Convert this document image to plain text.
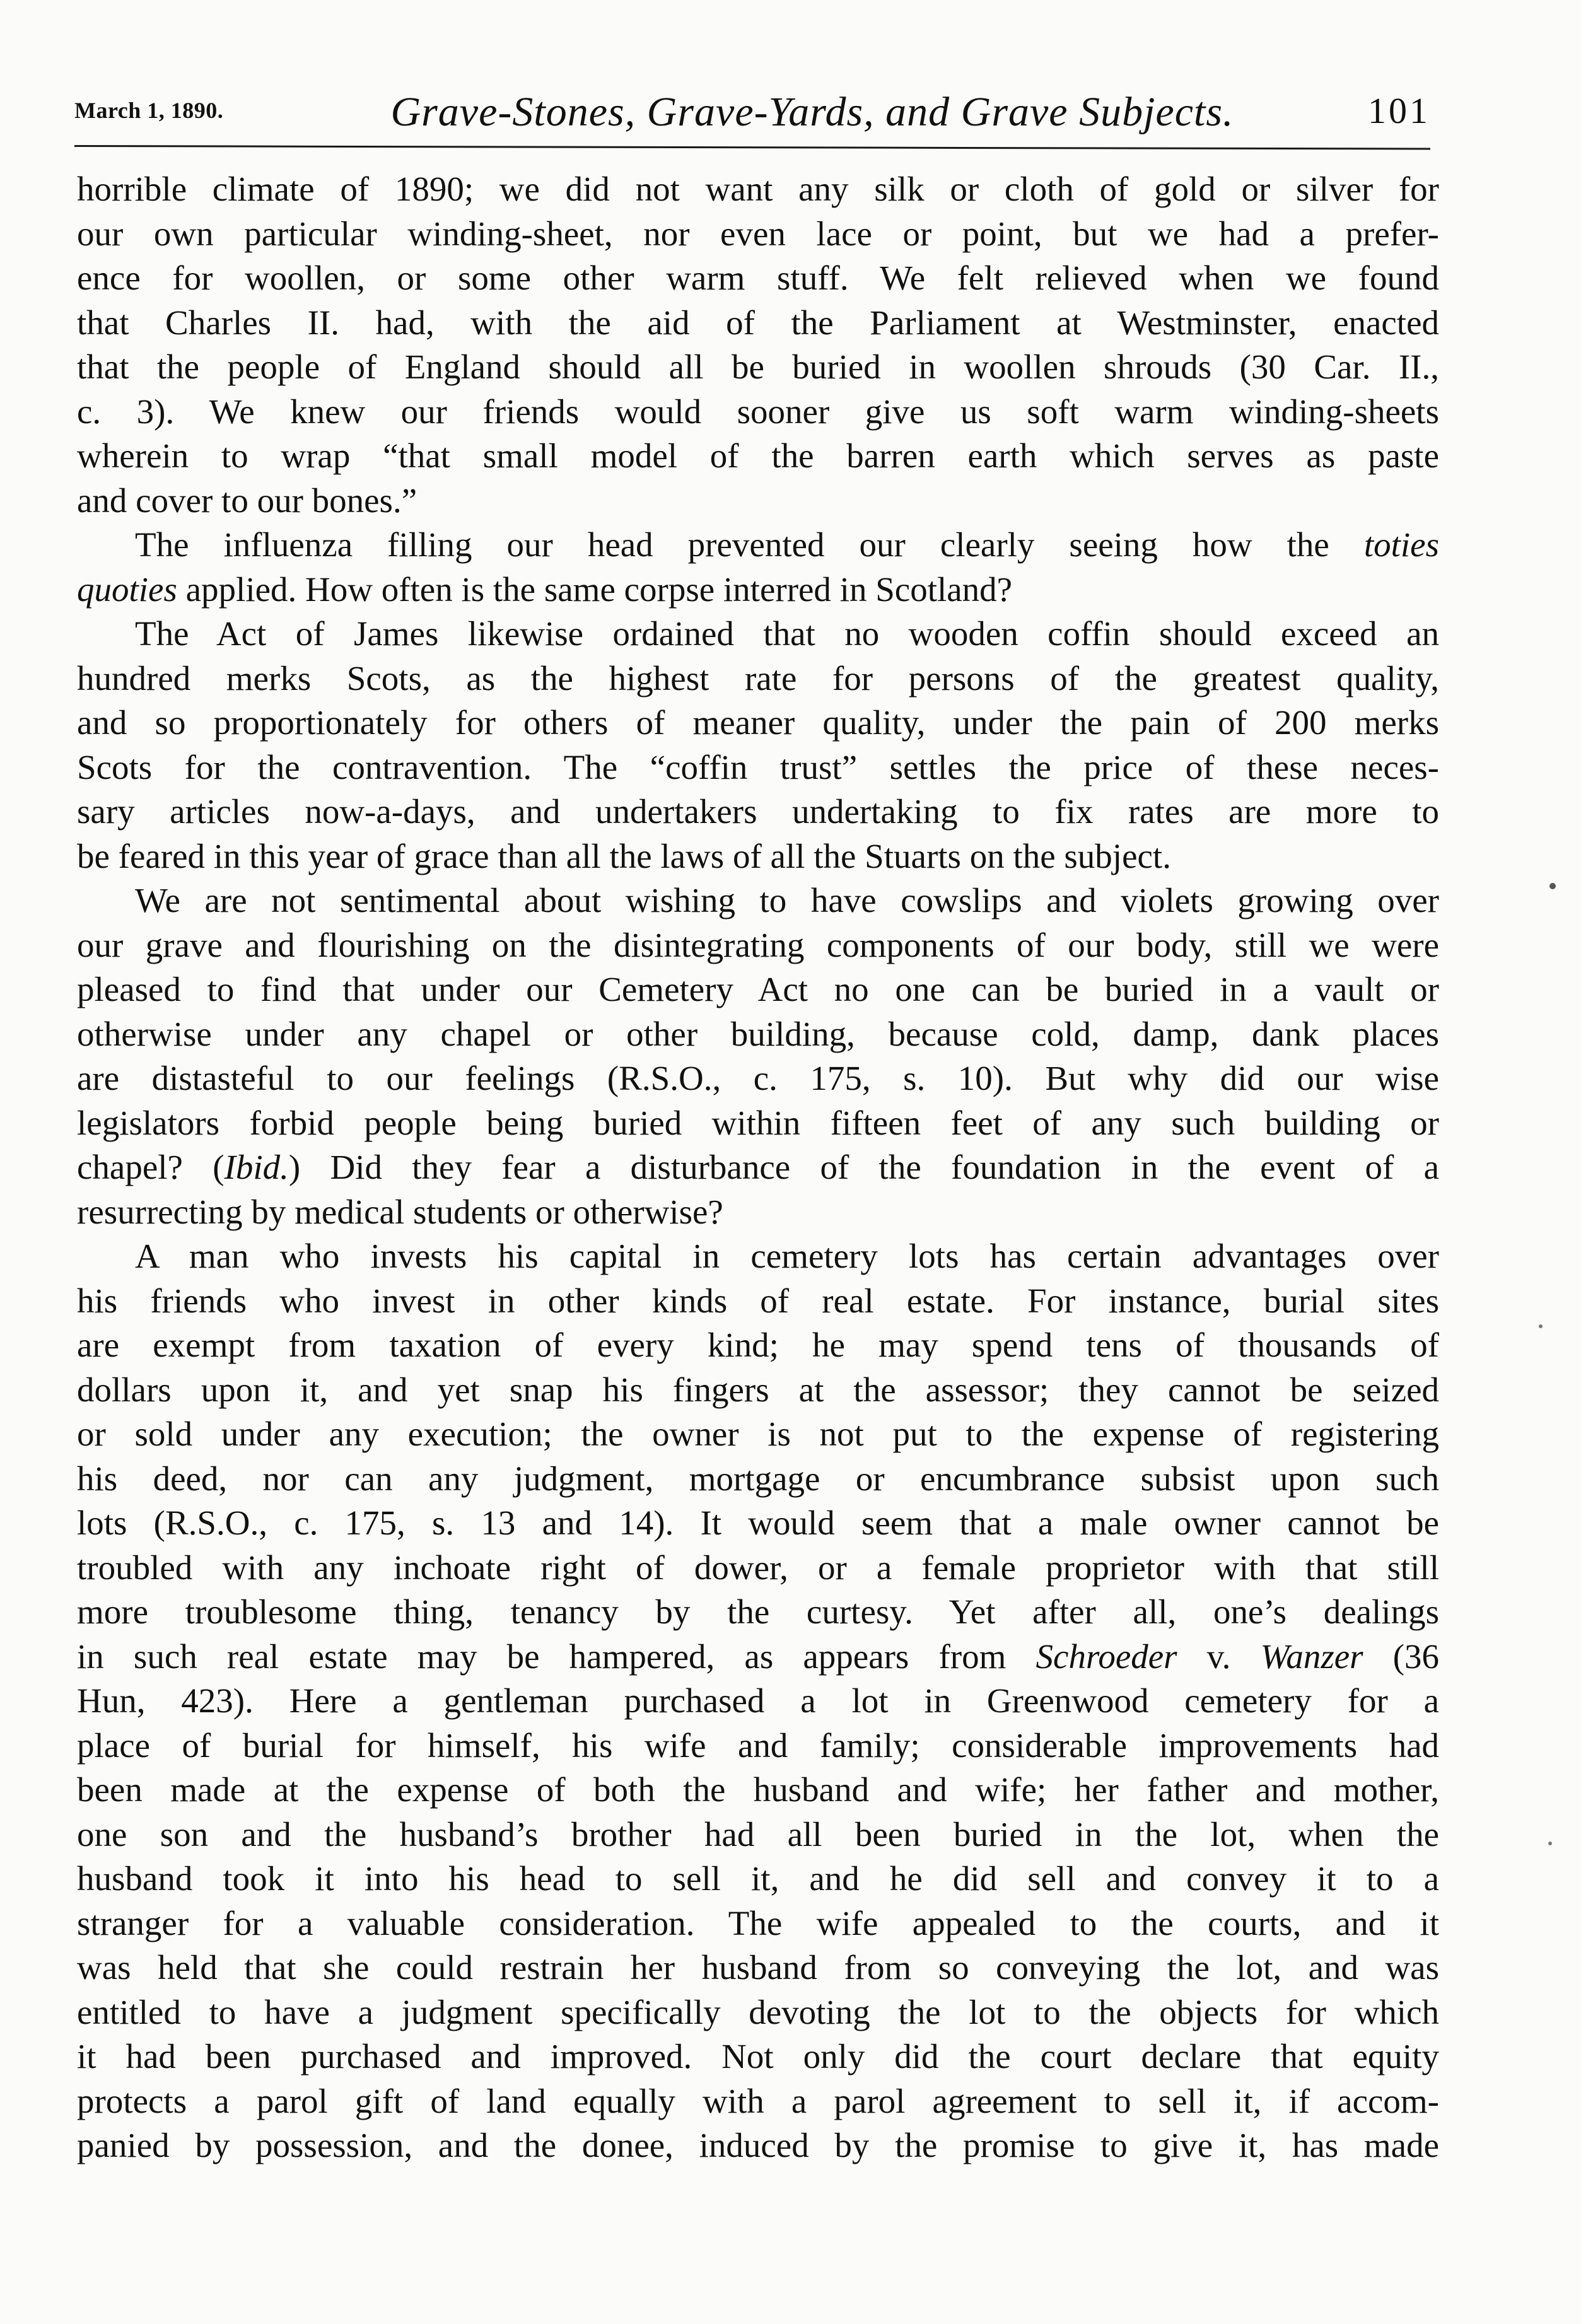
March 1, 1890.	Grave-Stones, Grave-Yards, and Grave Subjects.	101
horrible climate of 1890; we did not want any silk or cloth of gold or silver for
our own particular winding-sheet, nor even lace or point, but we had a prefer-
ence for woollen, or some other warm stuff. We felt relieved when we found
that Charles II. had, with the aid of the Parliament at Westminster, enacted
that the people of England should all be buried in woollen shrouds (30 Car. II.,
c. 3). We knew our friends would sooner give us soft warm winding-sheets
wherein to wrap “that small model of the barren earth which serves as paste
and cover to our bones.”
The influenza filling our head prevented our clearly seeing how the toties
quoties applied. How often is the same corpse interred in Scotland?
The Act of James likewise ordained that no wooden coffin should exceed an
hundred merks Scots, as the highest rate for persons of the greatest quality,
and so proportionately for others of meaner quality, under the pain of 200 merks
Scots for the contravention. The “coffin trust” settles the price of these neces-
sary articles now-a-days, and undertakers undertaking to fix rates are more to
be feared in this year of grace than all the laws of all the Stuarts on the subject.
We are not sentimental about wishing to have cowslips and violets growing over
our grave and flourishing on the disintegrating components of our body, still we were
pleased to find that under our Cemetery Act no one can be buried in a vault or
otherwise under any chapel or other building, because cold, damp, dank places
are distasteful to our feelings (R.S.O., c. 175, s. 10). But why did our wise
legislators forbid people being buried within fifteen feet of any such building or
chapel? (Ibid.) Did they fear a disturbance of the foundation in the event of a
resurrecting by medical students or otherwise?
A man who invests his capital in cemetery lots has certain advantages over
his friends who invest in other kinds of real estate. For instance, burial sites
are exempt from taxation of every kind; he may spend tens of thousands of
dollars upon it, and yet snap his fingers at the assessor; they cannot be seized
or sold under any execution; the owner is not put to the expense of registering
his deed, nor can any judgment, mortgage or encumbrance subsist upon such
lots (R.S.O., c. 175, s. 13 and 14). It would seem that a male owner cannot be
troubled with any inchoate right of dower, or a female proprietor with that still
more troublesome thing, tenancy by the curtesy. Yet after all, one’s dealings
in such real estate may be hampered, as appears from Schroeder v. Wanzer (36
Hun, 423). Here a gentleman purchased a lot in Greenwood cemetery for a
place of burial for himself, his wife and family; considerable improvements had
been made at the expense of both the husband and wife; her father and mother,
one son and the husband’s brother had all been buried in the lot, when the
husband took it into his head to sell it, and he did sell and convey it to a
stranger for a valuable consideration. The wife appealed to the courts, and it
was held that she could restrain her husband from so conveying the lot, and was
entitled to have a judgment specifically devoting the lot to the objects for which
it had been purchased and improved. Not only did the court declare that equity
protects a parol gift of land equally with a parol agreement to sell it, if accom-
panied by possession, and the donee, induced by the promise to give it, has made
